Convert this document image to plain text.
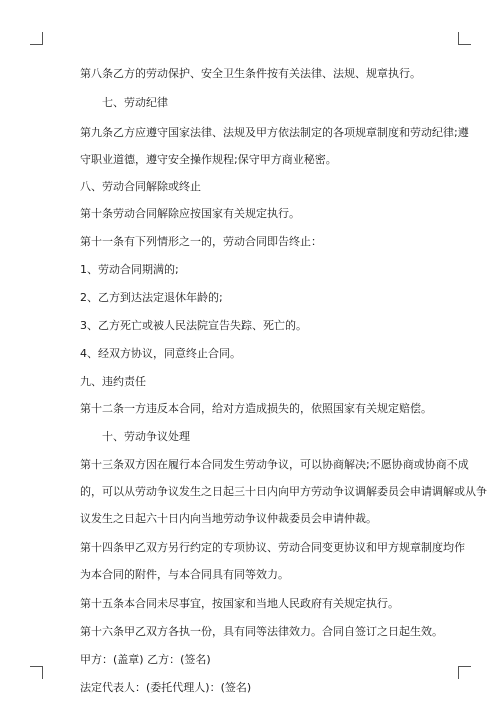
第八条乙方的劳动保护、安全卫生条件按有关法律、法规、规章执行。
七、劳动纪律
第九条乙方应遵守国家法律、法规及甲方依法制定的各项规章制度和劳动纪律;遵
守职业道德，遵守安全操作规程;保守甲方商业秘密。
八、劳动合同解除或终止
第十条劳动合同解除应按国家有关规定执行。
第十一条有下列情形之一的，劳动合同即告终止：
1、劳动合同期满的;
2、乙方到达法定退休年龄的;
3、乙方死亡或被人民法院宣告失踪、死亡的。
4、经双方协议，同意终止合同。
九、违约责任
第十二条一方违反本合同，给对方造成损失的，依照国家有关规定赔偿。
十、劳动争议处理
第十三条双方因在履行本合同发生劳动争议，可以协商解决;不愿协商或协商不成
的，可以从劳动争议发生之日起三十日内向甲方劳动争议调解委员会申请调解或从争
议发生之日起六十日内向当地劳动争议仲裁委员会申请仲裁。
第十四条甲乙双方另行约定的专项协议、劳动合同变更协议和甲方规章制度均作
为本合同的附件，与本合同具有同等效力。
第十五条本合同未尽事宜，按国家和当地人民政府有关规定执行。
第十六条甲乙双方各执一份，具有同等法律效力。合同自签订之日起生效。
甲方：(盖章) 乙方：(签名)
法定代表人：(委托代理人)：(签名)
